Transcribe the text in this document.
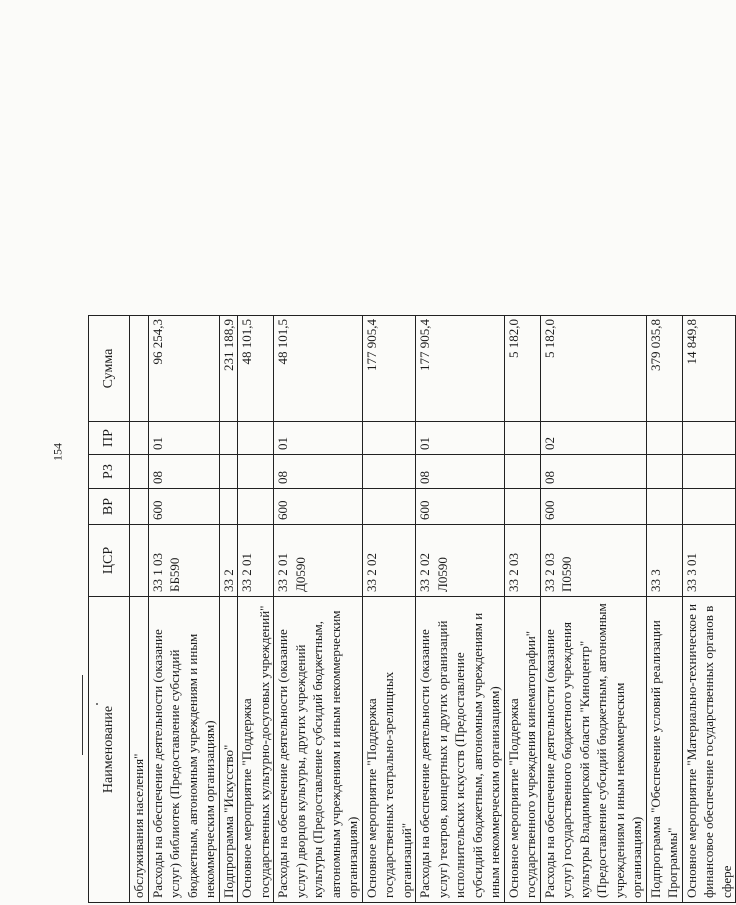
154
Наименование	ЦСР	ВР	РЗ	ПР	Сумма
обслуживания населения"					
Расходы на обеспечение деятельности (оказание услуг) библиотек (Предоставление субсидий бюджетным, автономным учреждениям и иным некоммерческим организациям)	33 1 03 ББ590	600	08	01	96 254,3
Подпрограмма "Искусство"	33 2				231 188,9
Основное мероприятие "Поддержка государственных культурно-досуговых учреждений"	33 2 01				48 101,5
Расходы на обеспечение деятельности (оказание услуг) дворцов культуры, других учреждений культуры (Предоставление субсидий бюджетным, автономным учреждениям и иным некоммерческим организациям)	33 2 01 Д0590	600	08	01	48 101,5
Основное мероприятие "Поддержка государственных театрально-зрелищных организаций"	33 2 02				177 905,4
Расходы на обеспечение деятельности (оказание услуг) театров, концертных и других организаций исполнительских искусств (Предоставление субсидий бюджетным, автономным учреждениям и иным некоммерческим организациям)	33 2 02 Л0590	600	08	01	177 905,4
Основное мероприятие "Поддержка государственного учреждения кинематографии"	33 2 03				5 182,0
Расходы на обеспечение деятельности (оказание услуг) государственного бюджетного учреждения культуры Владимирской области "Киноцентр" (Предоставление субсидий бюджетным, автономным учреждениям и иным некоммерческим организациям)	33 2 03 П0590	600	08	02	5 182,0
Подпрограмма "Обеспечение условий реализации Программы"	33 3				379 035,8
Основное мероприятие "Материально-техническое и финансовое обеспечение государственных органов в сфере	33 3 01				14 849,8
